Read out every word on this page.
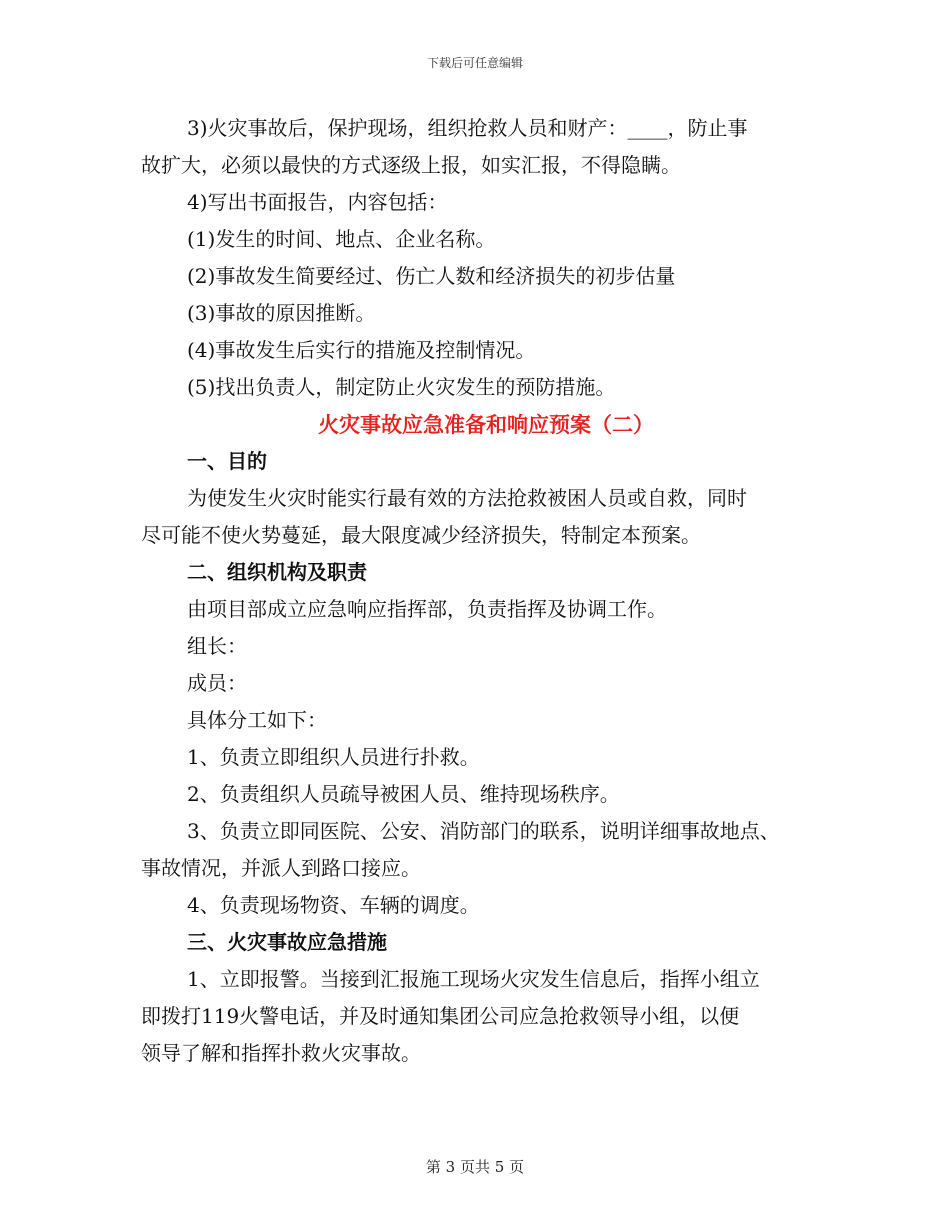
下载后可任意编辑
3)火灾事故后，保护现场，组织抢救人员和财产：____，防止事
故扩大，必须以最快的方式逐级上报，如实汇报，不得隐瞒。
4)写出书面报告，内容包括：
(1)发生的时间、地点、企业名称。
(2)事故发生简要经过、伤亡人数和经济损失的初步估量
(3)事故的原因推断。
(4)事故发生后实行的措施及控制情况。
(5)找出负责人，制定防止火灾发生的预防措施。
火灾事故应急准备和响应预案（二）
一、目的
为使发生火灾时能实行最有效的方法抢救被困人员或自救，同时
尽可能不使火势蔓延，最大限度减少经济损失，特制定本预案。
二、组织机构及职责
由项目部成立应急响应指挥部，负责指挥及协调工作。
组长：
成员：
具体分工如下：
1、负责立即组织人员进行扑救。
2、负责组织人员疏导被困人员、维持现场秩序。
3、负责立即同医院、公安、消防部门的联系，说明详细事故地点、
事故情况，并派人到路口接应。
4、负责现场物资、车辆的调度。
三、火灾事故应急措施
1、立即报警。当接到汇报施工现场火灾发生信息后，指挥小组立
即拨打119火警电话，并及时通知集团公司应急抢救领导小组，以便
领导了解和指挥扑救火灾事故。
第 3 页共 5 页
